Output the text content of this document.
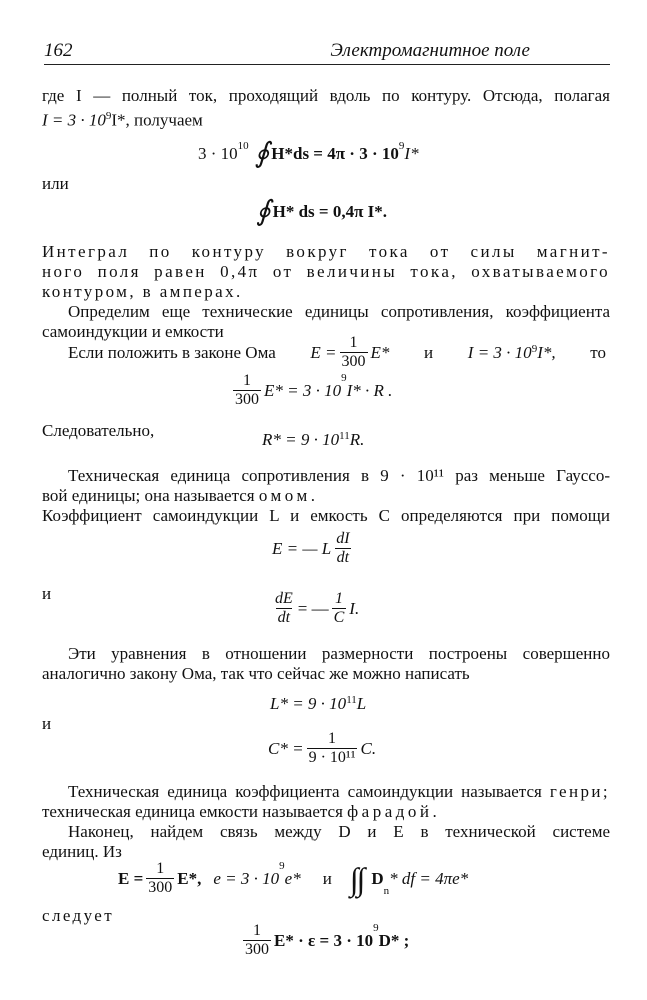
162	Электромагнитное поле
где I — полный ток, проходящий вдоль по контуру. Отсюда, полагая
$I = 3 \cdot 10^9I*$, получаем
$3 \cdot 10^{10}$ ∮ $H*ds = 4\pi \cdot 3 \cdot 10^9$ I*
или
∮ H* ds = 0,4π I*.
Интеграл по контуру вокруг тока от силы магнит-
ного поля равен 0,4π от величины тока, охватываемого
контуром, в амперах.
Определим еще технические единицы сопротивления, коэффициента
самоиндукции и емкости
Если положить в законе Ома $E = \frac{1}{300} E*$ и $I = 3 \cdot 10^9$ I*, то
$\frac{1}{300} E* = 3 \cdot 10$
$^9$
I* · R .
Следовательно,	$R* = 9 \cdot 10^{11}$ R.
Техническая единица сопротивления в 9 · 10¹¹ раз меньше Гауссо-
вой единицы; она называется омом.
Коэффициент самоиндукции L и емкость C определяются при помощи
E = — L $\frac{dI}{dt}$
и	$\frac{dE}{dt}$ = — $\frac{1}{C} I$.
Эти уравнения в отношении размерности построены совершенно
аналогично закону Ома, так что сейчас же можно написать
$L* = 9 \cdot 10^{11}$ L
и
$C* = \frac{1}{\text{9 · 10¹¹}} C$.
Техническая единица коэффициента самоиндукции называется генри;
техническая единица емкости называется фарадой.
Наконец, найдем связь между D и E в технической системе
единиц. Из
$E = \frac{1}{300} E*$, e = 3 · 10
$^9$
e* и ∫
∫ D
$_n$
* df = 4πe*
следует
$\frac{1}{300} E* \cdot \varepsilon = 3 \cdot 10$
$^9$
D* ;
